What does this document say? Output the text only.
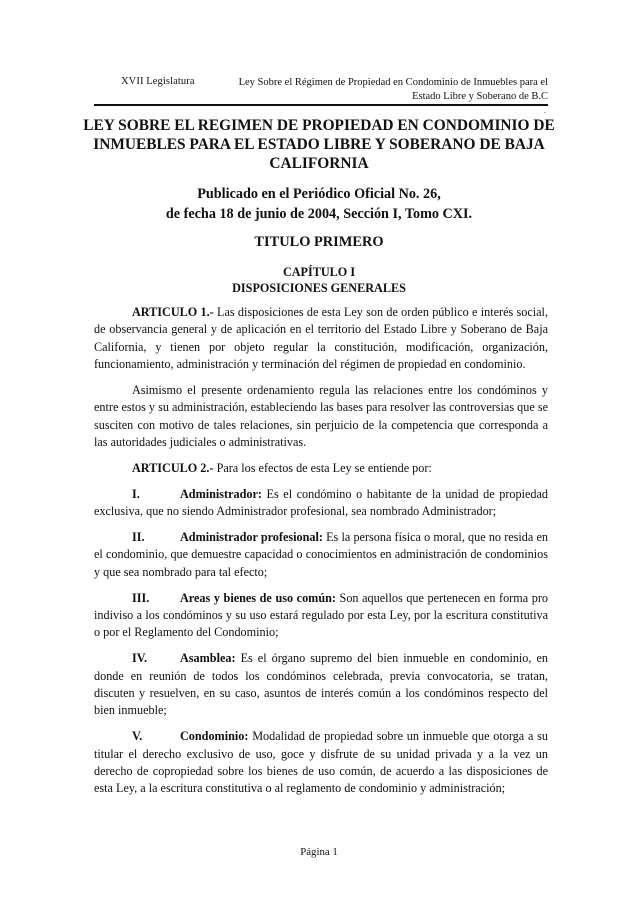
XVII Legislatura	Ley Sobre el Régimen de Propiedad en Condominio de Inmuebles para el
Estado Libre y Soberano de B.C
.
LEY SOBRE EL REGIMEN DE PROPIEDAD EN CONDOMINIO DE
INMUEBLES PARA EL ESTADO LIBRE Y SOBERANO DE BAJA
CALIFORNIA
Publicado en el Periódico Oficial No. 26,
de fecha 18 de junio de 2004, Sección I, Tomo CXI.
TITULO PRIMERO
CAPÍTULO I
DISPOSICIONES GENERALES

ARTICULO 1.- Las disposiciones de esta Ley son de orden público e interés social, de observancia general y de aplicación en el territorio del Estado Libre y Soberano de Baja California, y tienen por objeto regular la constitución, modificación, organización, funcionamiento, administración y terminación del régimen de propiedad en condominio.

Asimismo el presente ordenamiento regula las relaciones entre los condóminos y entre estos y su administración, estableciendo las bases para resolver las controversias que se susciten con motivo de tales relaciones, sin perjuicio de la competencia que corresponda a las autoridades judiciales o administrativas.

ARTICULO 2.- Para los efectos de esta Ley se entiende por:

I.	Administrador: Es el condómino o habitante de la unidad de propiedad exclusiva, que no siendo Administrador profesional, sea nombrado Administrador;

II.	Administrador profesional: Es la persona física o moral, que no resida en el condominio, que demuestre capacidad o conocimientos en administración de condominios y que sea nombrado para tal efecto;

III.	Areas y bienes de uso común: Son aquellos que pertenecen en forma pro indiviso a los condóminos y su uso estará regulado por esta Ley, por la escritura constitutiva o por el Reglamento del Condominio;

IV.	Asamblea: Es el órgano supremo del bien inmueble en condominio, en donde en reunión de todos los condóminos celebrada, previa convocatoria, se tratan, discuten y resuelven, en su caso, asuntos de interés común a los condóminos respecto del bien inmueble;

V.	Condominio: Modalidad de propiedad sobre un inmueble que otorga a su titular el derecho exclusivo de uso, goce y disfrute de su unidad privada y a la vez un derecho de copropiedad sobre los bienes de uso común, de acuerdo a las disposiciones de esta Ley, a la escritura constitutiva o al reglamento de condominio y administración;

Página 1
